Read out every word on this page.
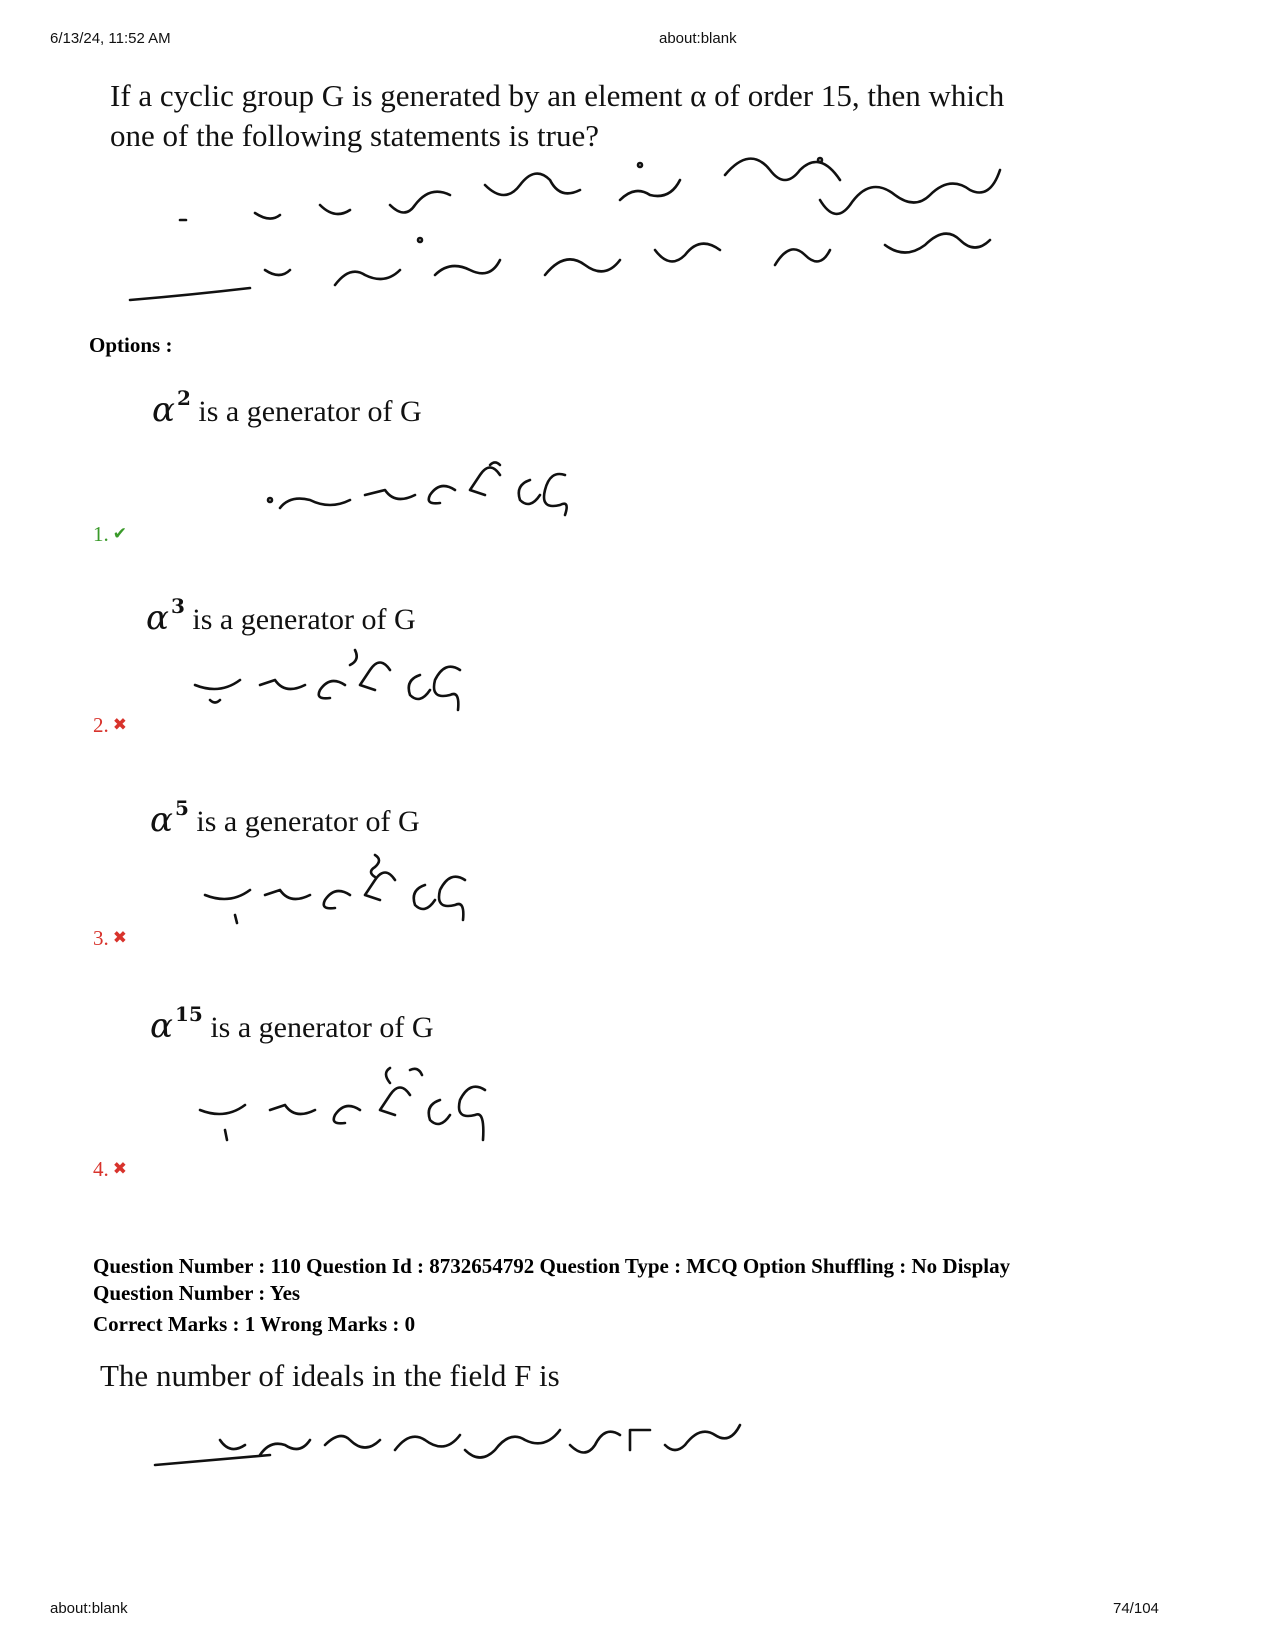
6/13/24, 11:52 AM	about:blank
If a cyclic group G is generated by an element α of order 15, then which
one of the following statements is true?
Options :
α $^2$ is a generator of G
1. ✔
α $^3$ is a generator of G
2. ✖
α $^5$ is a generator of G
3. ✖
α $^{15}$ is a generator of G
4. ✖
Question Number : 110 Question Id : 8732654792 Question Type : MCQ Option Shuffling : No Display
Question Number : Yes
Correct Marks : 1 Wrong Marks : 0
The number of ideals in the field F is
about:blank	74/104
